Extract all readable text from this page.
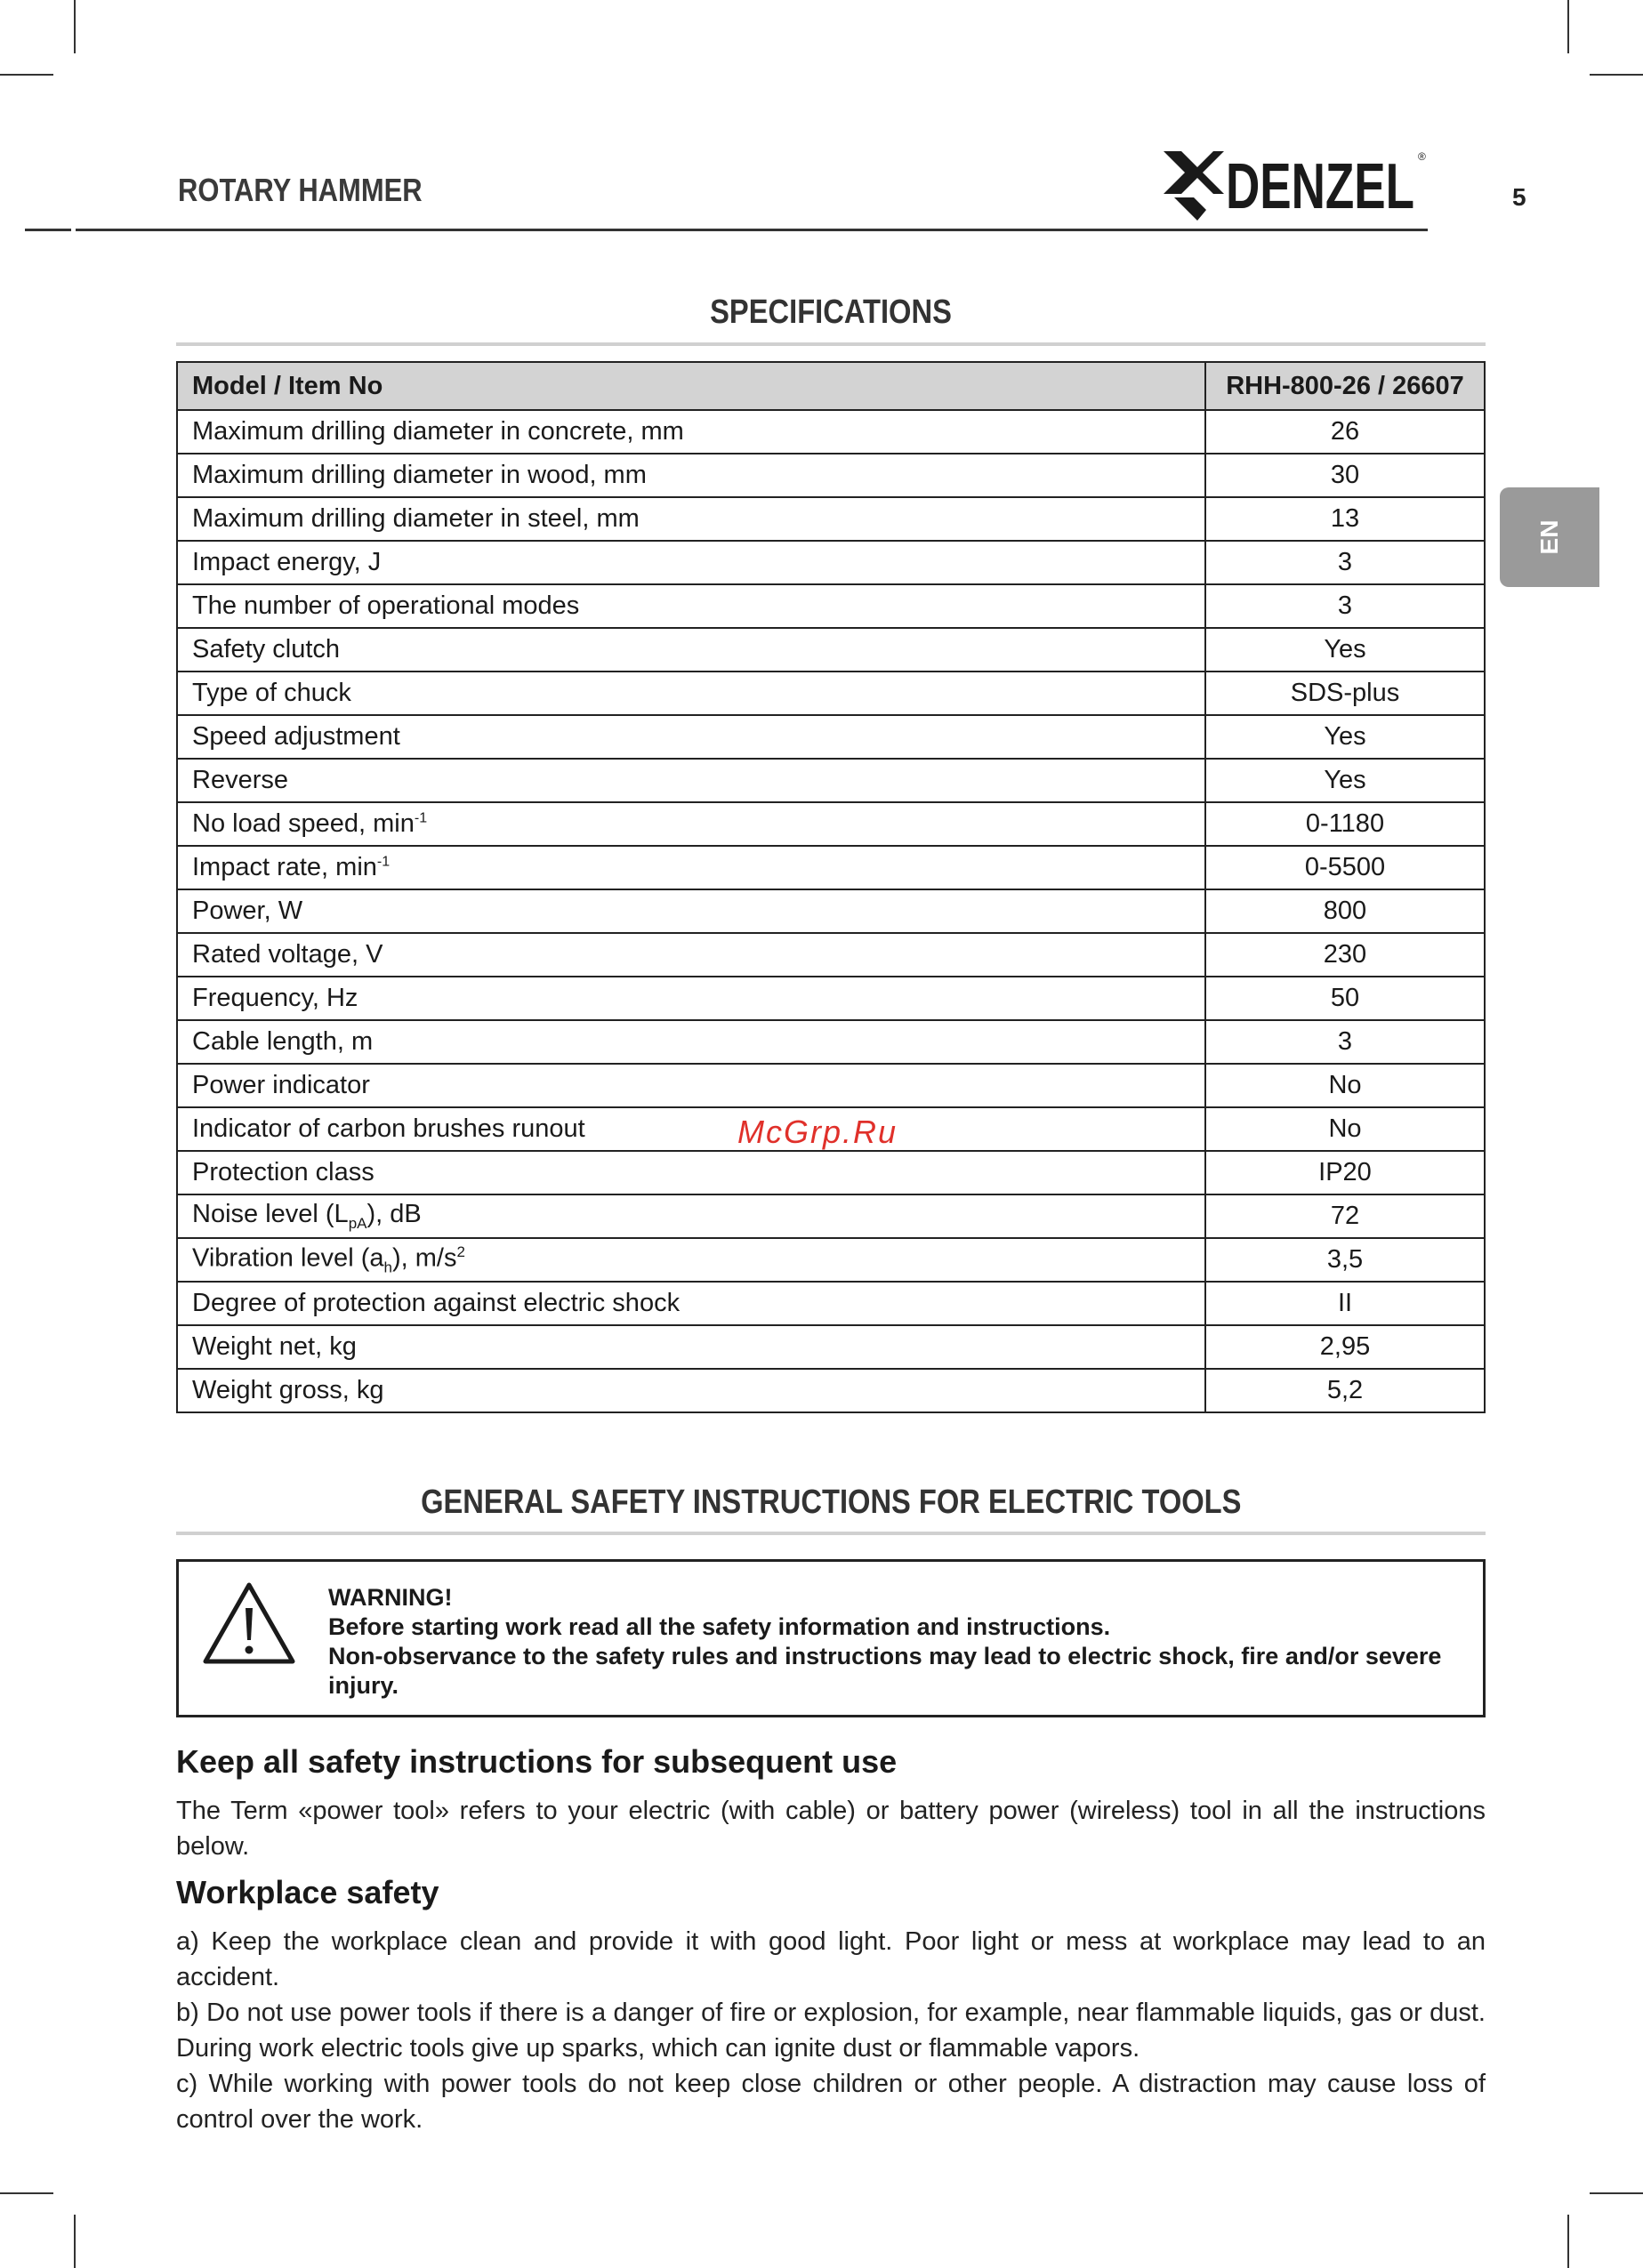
ROTARY HAMMER	DENZEL ®
5
EN
SPECIFICATIONS
Model / Item No	RHH-800-26 / 26607
Maximum drilling diameter in concrete, mm	26
Maximum drilling diameter in wood, mm	30
Maximum drilling diameter in steel, mm	13
Impact energy, J	3
The number of operational modes	3
Safety clutch	Yes
Type of chuck	SDS-plus
Speed adjustment	Yes
Reverse	Yes
No load speed, $\min^{-1}$	0-1180
Impact rate, $\min^{-1}$	0-5500
Power, W	800
Rated voltage, V	230
Frequency, Hz	50
Cable length, m	3
Power indicator	No
Indicator of carbon brushes runout	No
Protection class	IP20
Noise level $(L_{pA})$, dB	72
Vibration level $(a_h)$, $m/s^2$	3,5
Degree of protection against electric shock	II
Weight net, kg	2,95
Weight gross, kg	5,2
McGrp.Ru
GENERAL SAFETY INSTRUCTIONS FOR ELECTRIC TOOLS
WARNING!
Before starting work read all the safety information and instructions.
Non-observance to the safety rules and instructions may lead to electric shock, fire and/or severe injury.
Keep all safety instructions for subsequent use
The Term «power tool» refers to your electric (with cable) or battery power (wireless) tool in all the instructions below.
Workplace safety
a) Keep the workplace clean and provide it with good light. Poor light or mess at workplace may lead to an accident.
b) Do not use power tools if there is a danger of fire or explosion, for example, near flammable liquids, gas or dust. During work electric tools give up sparks, which can ignite dust or flammable vapors.
c) While working with power tools do not keep close children or other people. A distraction may cause loss of control over the work.
